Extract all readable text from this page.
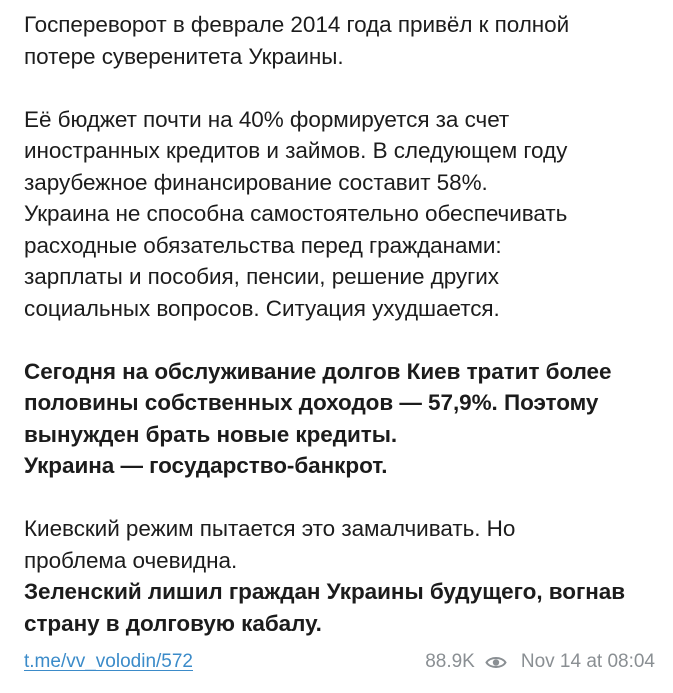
Госпереворот в феврале 2014 года привёл к полной
потере суверенитета Украины.

Её бюджет почти на 40% формируется за счет
иностранных кредитов и займов. В следующем году
зарубежное финансирование составит 58%.
Украина не способна самостоятельно обеспечивать
расходные обязательства перед гражданами:
зарплаты и пособия, пенсии, решение других
социальных вопросов. Ситуация ухудшается.

Сегодня на обслуживание долгов Киев тратит более
половины собственных доходов — 57,9%. Поэтому
вынужден брать новые кредиты.
Украина — государство-банкрот.

Киевский режим пытается это замалчивать. Но
проблема очевидна.

Зеленский лишил граждан Украины будущего, вогнав
страну в долговую кабалу.

t.me/vv_volodin/572	88.9K Nov 14 at 08:04
